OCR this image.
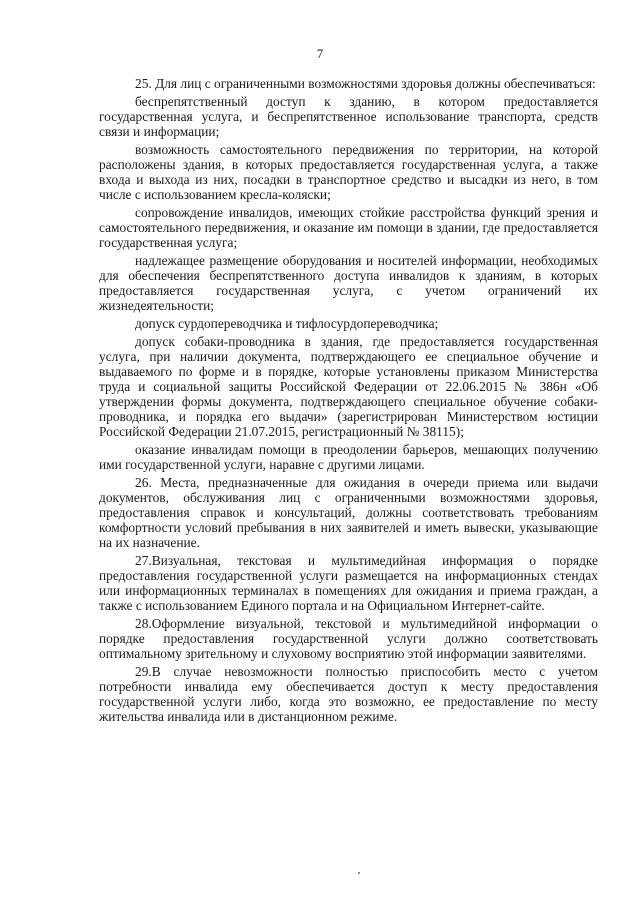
7

25. Для лиц с ограниченными возможностями здоровья должны обеспечиваться:

беспрепятственный доступ к зданию, в котором предоставляется государственная услуга, и беспрепятственное использование транспорта, средств связи и информации;

возможность самостоятельного передвижения по территории, на которой расположены здания, в которых предоставляется государственная услуга, а также входа и выхода из них, посадки в транспортное средство и высадки из него, в том числе с использованием кресла-коляски;

сопровождение инвалидов, имеющих стойкие расстройства функций зрения и самостоятельного передвижения, и оказание им помощи в здании, где предоставляется государственная услуга;

надлежащее размещение оборудования и носителей информации, необходимых для обеспечения беспрепятственного доступа инвалидов к зданиям, в которых предоставляется государственная услуга, с учетом ограничений их жизнедеятельности;

допуск сурдопереводчика и тифлосурдопереводчика;

допуск собаки-проводника в здания, где предоставляется государственная услуга, при наличии документа, подтверждающего ее специальное обучение и выдаваемого по форме и в порядке, которые установлены приказом Министерства труда и социальной защиты Российской Федерации от 22.06.2015 № 386н «Об утверждении формы документа, подтверждающего специальное обучение собаки- проводника, и порядка его выдачи» (зарегистрирован Министерством юстиции Российской Федерации 21.07.2015, регистрационный № 38115);

оказание инвалидам помощи в преодолении барьеров, мешающих получению ими государственной услуги, наравне с другими лицами.

26. Места, предназначенные для ожидания в очереди приема или выдачи документов, обслуживания лиц с ограниченными возможностями здоровья, предоставления справок и консультаций, должны соответствовать требованиям комфортности условий пребывания в них заявителей и иметь вывески, указывающие на их назначение.

27.Визуальная, текстовая и мультимедийная информация о порядке предоставления государственной услуги размещается на информационных стендах или информационных терминалах в помещениях для ожидания и приема граждан, а также с использованием Единого портала и на Официальном Интернет-сайте.

28.Оформление визуальной, текстовой и мультимедийной информации о порядке предоставления государственной услуги должно соответствовать оптимальному зрительному и слуховому восприятию этой информации заявителями.

29.В случае невозможности полностью приспособить место с учетом потребности инвалида ему обеспечивается доступ к месту предоставления государственной услуги либо, когда это возможно, ее предоставление по месту жительства инвалида или в дистанционном режиме.
